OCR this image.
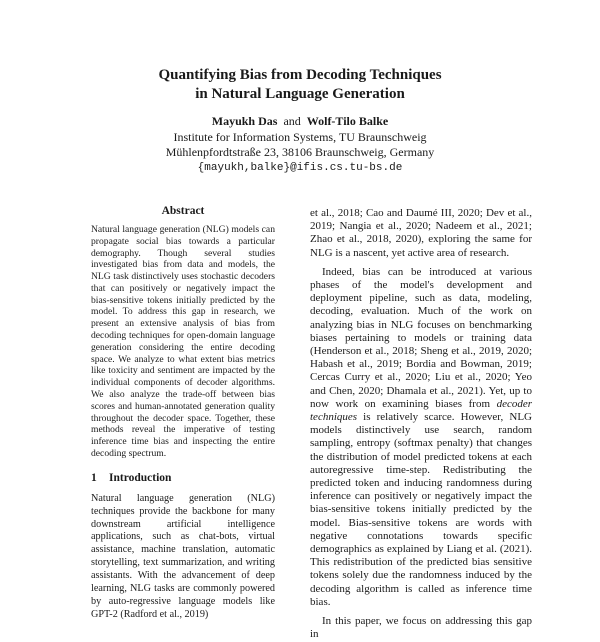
Quantifying Bias from Decoding Techniques
in Natural Language Generation
Mayukh Das and Wolf-Tilo Balke
Institute for Information Systems, TU Braunschweig
Mühlenpfordtstraße 23, 38106 Braunschweig, Germany
{mayukh,balke}@ifis.cs.tu-bs.de
Abstract

Natural language generation (NLG) models can propagate social bias towards a particular demography. Though several studies investigated bias from data and models, the NLG task distinctively uses stochastic decoders that can positively or negatively impact the bias-sensitive tokens initially predicted by the model. To address this gap in research, we present an extensive analysis of bias from decoding techniques for open-domain language generation considering the entire decoding space. We analyze to what extent bias metrics like toxicity and sentiment are impacted by the individual components of decoder algorithms. We also analyze the trade-off between bias scores and human-annotated generation quality throughout the decoder space. Together, these methods reveal the imperative of testing inference time bias and inspecting the entire decoding spectrum.

1 Introduction

Natural language generation (NLG) techniques provide the backbone for many downstream artificial intelligence applications, such as chat-bots, virtual assistance, machine translation, automatic storytelling, text summarization, and writing assistants. With the advancement of deep learning, NLG tasks are commonly powered by auto-regressive language models like GPT-2 (Radford et al., 2019)

et al., 2018; Cao and Daumé III, 2020; Dev et al., 2019; Nangia et al., 2020; Nadeem et al., 2021; Zhao et al., 2018, 2020), exploring the same for NLG is a nascent, yet active area of research.

Indeed, bias can be introduced at various phases of the model's development and deployment pipeline, such as data, modeling, decoding, evaluation. Much of the work on analyzing bias in NLG focuses on benchmarking biases pertaining to models or training data (Henderson et al., 2018; Sheng et al., 2019, 2020; Habash et al., 2019; Bordia and Bowman, 2019; Cercas Curry et al., 2020; Liu et al., 2020; Yeo and Chen, 2020; Dhamala et al., 2021). Yet, up to now work on examining biases from decoder techniques is relatively scarce. However, NLG models distinctively use search, random sampling, entropy (softmax penalty) that changes the distribution of model predicted tokens at each autoregressive time-step. Redistributing the predicted token and inducing randomness during inference can positively or negatively impact the bias-sensitive tokens initially predicted by the model. Bias-sensitive tokens are words with negative connotations towards specific demographics as explained by Liang et al. (2021). This redistribution of the predicted bias sensitive tokens solely due the randomness induced by the decoding algorithm is called as inference time bias.

In this paper, we focus on addressing this gap in
